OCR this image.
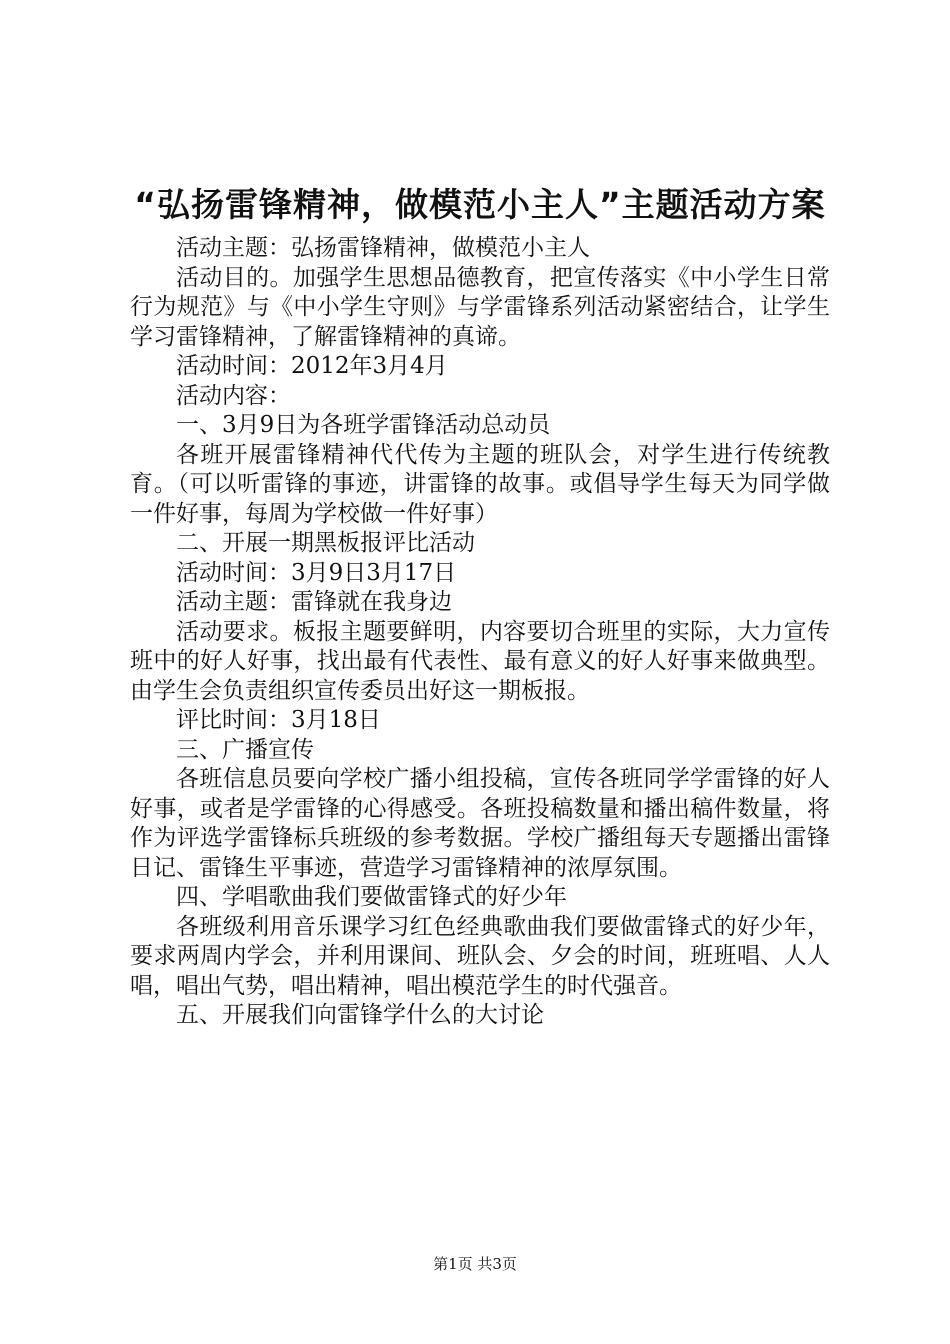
“弘扬雷锋精神，做模范小主人”主题活动方案

活动主题：弘扬雷锋精神，做模范小主人

活动目的。加强学生思想品德教育，把宣传落实《中小学生日常行为规范》与《中小学生守则》与学雷锋系列活动紧密结合，让学生学习雷锋精神，了解雷锋精神的真谛。

活动时间：2012年3月4月

活动内容：

一、3月9日为各班学雷锋活动总动员

各班开展雷锋精神代代传为主题的班队会，对学生进行传统教育。（可以听雷锋的事迹，讲雷锋的故事。或倡导学生每天为同学做一件好事，每周为学校做一件好事）

二、开展一期黑板报评比活动

活动时间：3月9日3月17日

活动主题：雷锋就在我身边

活动要求。板报主题要鲜明，内容要切合班里的实际，大力宣传班中的好人好事，找出最有代表性、最有意义的好人好事来做典型。由学生会负责组织宣传委员出好这一期板报。

评比时间：3月18日

三、广播宣传

各班信息员要向学校广播小组投稿，宣传各班同学学雷锋的好人好事，或者是学雷锋的心得感受。各班投稿数量和播出稿件数量，将作为评选学雷锋标兵班级的参考数据。学校广播组每天专题播出雷锋日记、雷锋生平事迹，营造学习雷锋精神的浓厚氛围。

四、学唱歌曲我们要做雷锋式的好少年

各班级利用音乐课学习红色经典歌曲我们要做雷锋式的好少年，要求两周内学会，并利用课间、班队会、夕会的时间，班班唱、人人唱，唱出气势，唱出精神，唱出模范学生的时代强音。

五、开展我们向雷锋学什么的大讨论

第1页 共3页
